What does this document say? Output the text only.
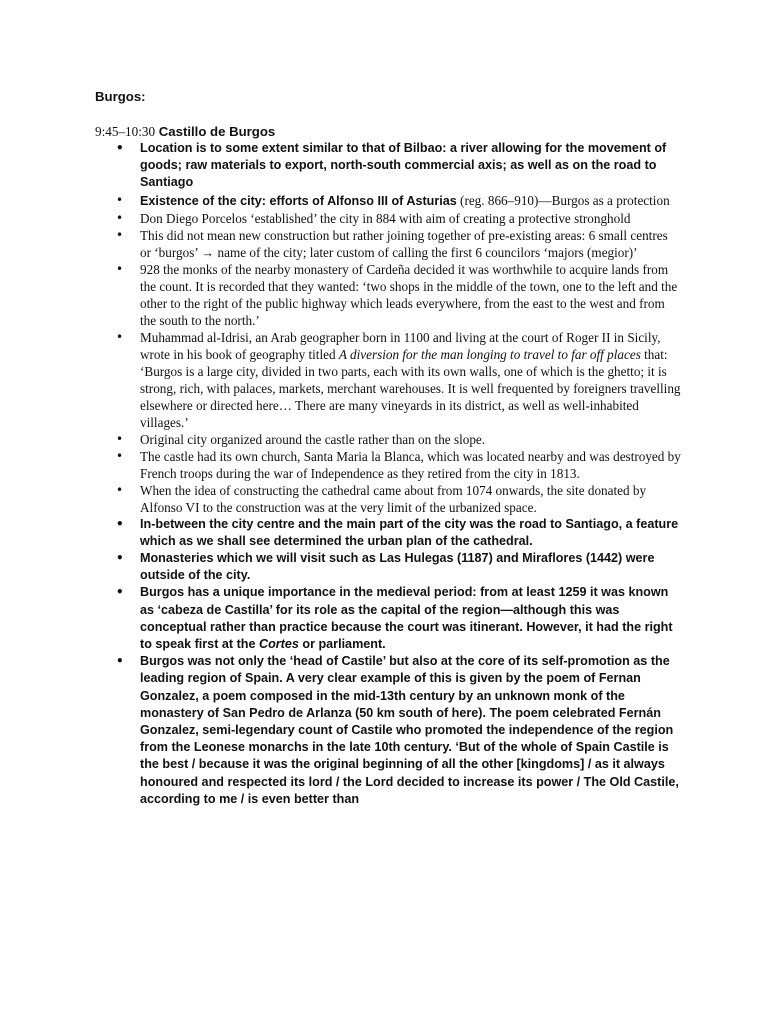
Burgos:

9:45–10:30 Castillo de Burgos

• Location is to some extent similar to that of Bilbao: a river allowing for the movement of goods; raw materials to export, north-south commercial axis; as well as on the road to Santiago
• Existence of the city: efforts of Alfonso III of Asturias (reg. 866–910)—Burgos as a protection
• Don Diego Porcelos ‘established’ the city in 884 with aim of creating a protective stronghold
• This did not mean new construction but rather joining together of pre-existing areas: 6 small centres or ‘burgos’ → name of the city; later custom of calling the first 6 councilors ‘majors (megior)’
• 928 the monks of the nearby monastery of Cardeña decided it was worthwhile to acquire lands from the count. It is recorded that they wanted: ‘two shops in the middle of the town, one to the left and the other to the right of the public highway which leads everywhere, from the east to the west and from the south to the north.’
• Muhammad al-Idrisi, an Arab geographer born in 1100 and living at the court of Roger II in Sicily, wrote in his book of geography titled A diversion for the man longing to travel to far off places that: ‘Burgos is a large city, divided in two parts, each with its own walls, one of which is the ghetto; it is strong, rich, with palaces, markets, merchant warehouses. It is well frequented by foreigners travelling elsewhere or directed here… There are many vineyards in its district, as well as well-inhabited villages.’
• Original city organized around the castle rather than on the slope.
• The castle had its own church, Santa Maria la Blanca, which was located nearby and was destroyed by French troops during the war of Independence as they retired from the city in 1813.
• When the idea of constructing the cathedral came about from 1074 onwards, the site donated by Alfonso VI to the construction was at the very limit of the urbanized space.
• In-between the city centre and the main part of the city was the road to Santiago, a feature which as we shall see determined the urban plan of the cathedral.
• Monasteries which we will visit such as Las Hulegas (1187) and Miraflores (1442) were outside of the city.
• Burgos has a unique importance in the medieval period: from at least 1259 it was known as ‘cabeza de Castilla’ for its role as the capital of the region—although this was conceptual rather than practice because the court was itinerant. However, it had the right to speak first at the Cortes or parliament.
• Burgos was not only the ‘head of Castile’ but also at the core of its self-promotion as the leading region of Spain. A very clear example of this is given by the poem of Fernan Gonzalez, a poem composed in the mid-13th century by an unknown monk of the monastery of San Pedro de Arlanza (50 km south of here). The poem celebrated Fernán Gonzalez, semi-legendary count of Castile who promoted the independence of the region from the Leonese monarchs in the late 10th century. ‘But of the whole of Spain Castile is the best / because it was the original beginning of all the other [kingdoms] / as it always honoured and respected its lord / the Lord decided to increase its power / The Old Castile, according to me / is even better than
